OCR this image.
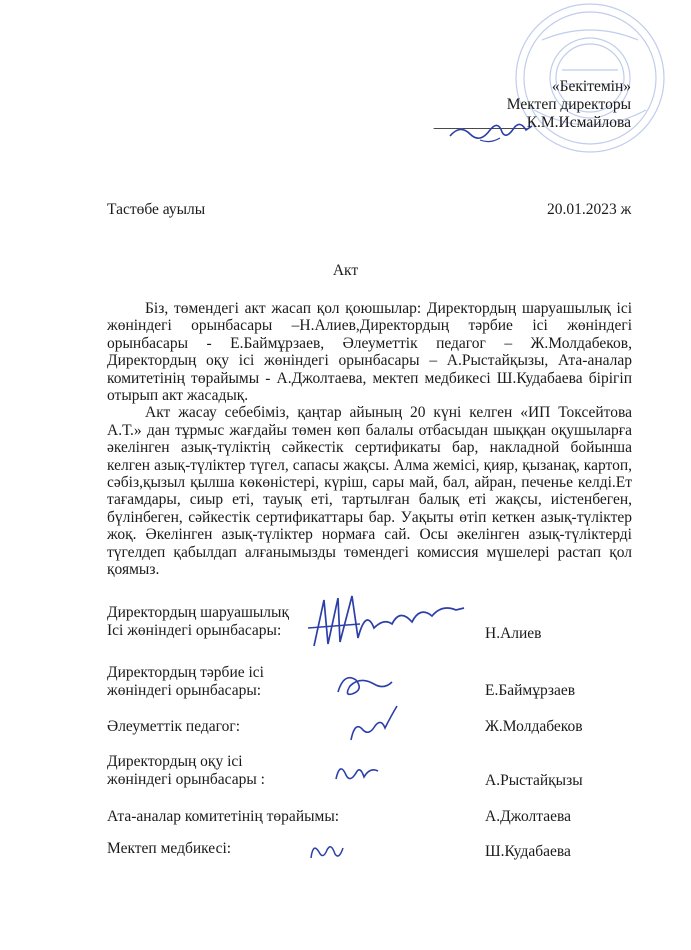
«Бекітемін»
Мектеп директоры
____________К.М.Исмайлова
Тастөбе ауылы	20.01.2023 ж
Акт

Біз, төмендегі акт жасап қол қоюшылар: Директордың шаруашылық ісі жөніндегі орынбасары –Н.Алиев,Директордың тәрбие ісі жөніндегі орынбасары - Е.Баймұрзаев, Әлеуметтік педагог – Ж.Молдабеков, Директордың оқу ісі жөніндегі орынбасары – А.Рыстайқызы, Ата-аналар комитетінің төрайымы - А.Джолтаева, мектеп медбикесі Ш.Кудабаева бірігіп отырып акт жасадық.

Акт жасау себебіміз, қаңтар айының 20 күні келген «ИП Токсейтова А.Т.» дан тұрмыс жағдайы төмен көп балалы отбасыдан шыққан оқушыларға әкелінген азық-түліктің сәйкестік сертификаты бар, накладной бойынша келген азық-түліктер түгел, сапасы жақсы. Алма жемісі, қияр, қызанақ, картоп, сәбіз,қызыл қылша көкөністері, күріш, сары май, бал, айран, печенье келді.Ет тағамдары, сиыр еті, тауық еті, тартылған балық еті жақсы, иістенбеген, бүлінбеген, сәйкестік сертификаттары бар. Уақыты өтіп кеткен азық-түліктер жоқ. Әкелінген азық-түліктер нормаға сай. Осы әкелінген азық-түліктерді түгелдеп қабылдап алғанымызды төмендегі комиссия мүшелері растап қол қоямыз.

Директордың шаруашылық
Ісі жөніндегі орынбасары:	Н.Алиев
Директордың тәрбие ісі
жөніндегі орынбасары:	Е.Баймұрзаев
Әлеуметтік педагог:	Ж.Молдабеков
Директордың оқу ісі
жөніндегі орынбасары :	А.Рыстайқызы
Ата-аналар комитетінің төрайымы:	А.Джолтаева
Мектеп медбикесі:	Ш.Кудабаева
